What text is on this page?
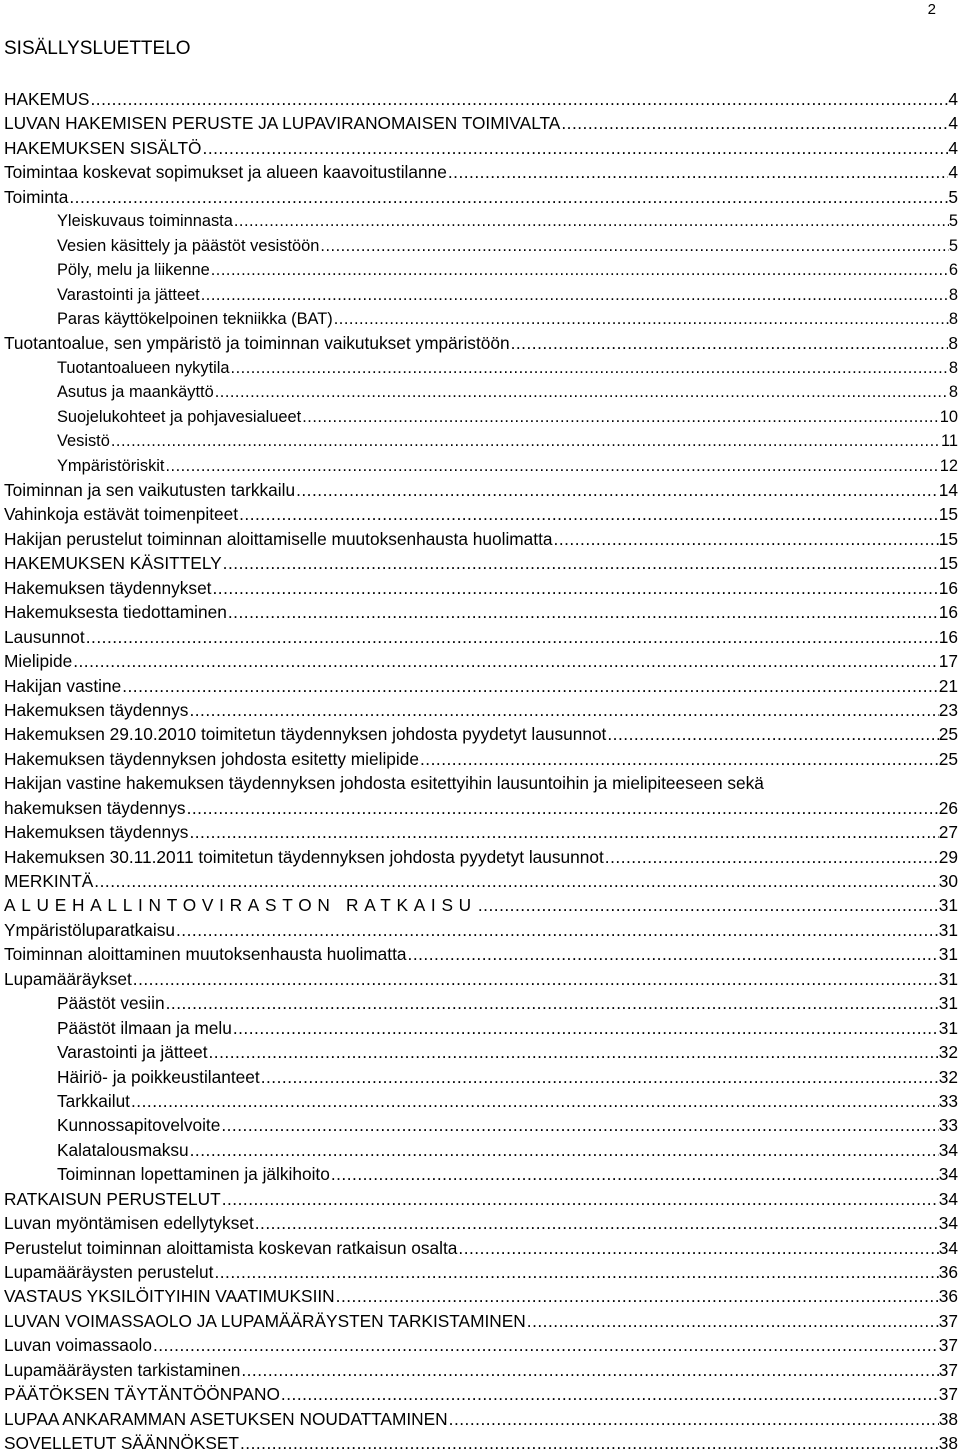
2
SISÄLLYSLUETTELO
HAKEMUS .....	4
LUVAN HAKEMISEN PERUSTE JA LUPAVIRANOMAISEN TOIMIVALTA .....	4
HAKEMUKSEN SISÄLTÖ .....	4
Toimintaa koskevat sopimukset ja alueen kaavoitustilanne .....	4
Toiminta .....	5
Yleiskuvaus toiminnasta .....	5
Vesien käsittely ja päästöt vesistöön .....	5
Pöly, melu ja liikenne .....	6
Varastointi ja jätteet .....	8
Paras käyttökelpoinen tekniikka (BAT) .....	8
Tuotantoalue, sen ympäristö ja toiminnan vaikutukset ympäristöön .....	8
Tuotantoalueen nykytila .....	8
Asutus ja maankäyttö .....	8
Suojelukohteet ja pohjavesialueet .....	10
Vesistö .....	11
Ympäristöriskit .....	12
Toiminnan ja sen vaikutusten tarkkailu .....	14
Vahinkoja estävät toimenpiteet .....	15
Hakijan perustelut toiminnan aloittamiselle muutoksenhausta huolimatta .....	15
HAKEMUKSEN KÄSITTELY .....	15
Hakemuksen täydennykset .....	16
Hakemuksesta tiedottaminen .....	16
Lausunnot .....	16
Mielipide .....	17
Hakijan vastine .....	21
Hakemuksen täydennys .....	23
Hakemuksen 29.10.2010 toimitetun täydennyksen johdosta pyydetyt lausunnot .....	25
Hakemuksen täydennyksen johdosta esitetty mielipide .....	25
Hakijan vastine hakemuksen täydennyksen johdosta esitettyihin lausuntoihin ja mielipiteeseen sekä
hakemuksen täydennys .....	26
Hakemuksen täydennys .....	27
Hakemuksen 30.11.2011 toimitetun täydennyksen johdosta pyydetyt lausunnot .....	29
MERKINTÄ .....	30
ALUEHALLINTOVIRASTON RATKAISU .....	31
Ympäristöluparatkaisu .....	31
Toiminnan aloittaminen muutoksenhausta huolimatta .....	31
Lupamääräykset .....	31
Päästöt vesiin .....	31
Päästöt ilmaan ja melu .....	31
Varastointi ja jätteet .....	32
Häiriö- ja poikkeustilanteet .....	32
Tarkkailut .....	33
Kunnossapitovelvoite .....	33
Kalatalousmaksu .....	34
Toiminnan lopettaminen ja jälkihoito .....	34
RATKAISUN PERUSTELUT .....	34
Luvan myöntämisen edellytykset .....	34
Perustelut toiminnan aloittamista koskevan ratkaisun osalta .....	34
Lupamääräysten perustelut .....	36
VASTAUS YKSILÖITYIHIN VAATIMUKSIIN .....	36
LUVAN VOIMASSAOLO JA LUPAMÄÄRÄYSTEN TARKISTAMINEN .....	37
Luvan voimassaolo .....	37
Lupamääräysten tarkistaminen .....	37
PÄÄTÖKSEN TÄYTÄNTÖÖNPANO .....	37
LUPAA ANKARAMMAN ASETUKSEN NOUDATTAMINEN .....	38
SOVELLETUT SÄÄNNÖKSET .....	38
